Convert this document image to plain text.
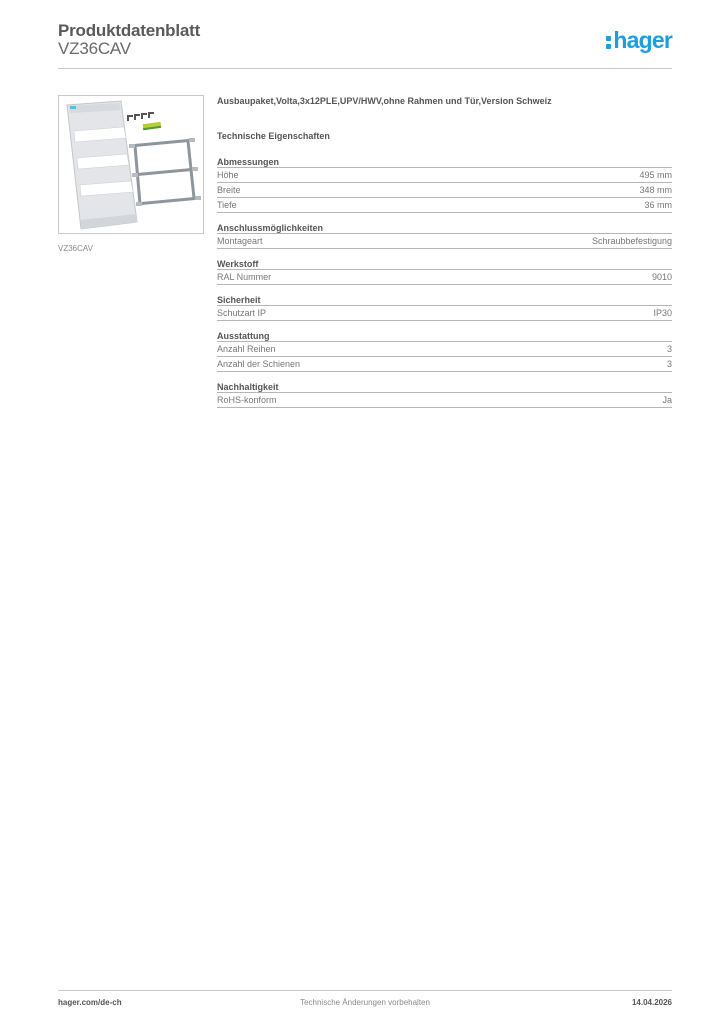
Produktdatenblatt
VZ36CAV	hager
VZ36CAV
Ausbaupaket,Volta,3x12PLE,UPV/HWV,ohne Rahmen und Tür,Version Schweiz
Technische Eigenschaften
Abmessungen
Höhe	495 mm
Breite	348 mm
Tiefe	36 mm
Anschlussmöglichkeiten
Montageart	Schraubbefestigung
Werkstoff
RAL Nummer	9010
Sicherheit
Schutzart IP	IP30
Ausstattung
Anzahl Reihen	3
Anzahl der Schienen	3
Nachhaltigkeit
RoHS-konform	Ja
Technische Änderungen vorbehalten
hager.com/de-ch	14.04.2026
